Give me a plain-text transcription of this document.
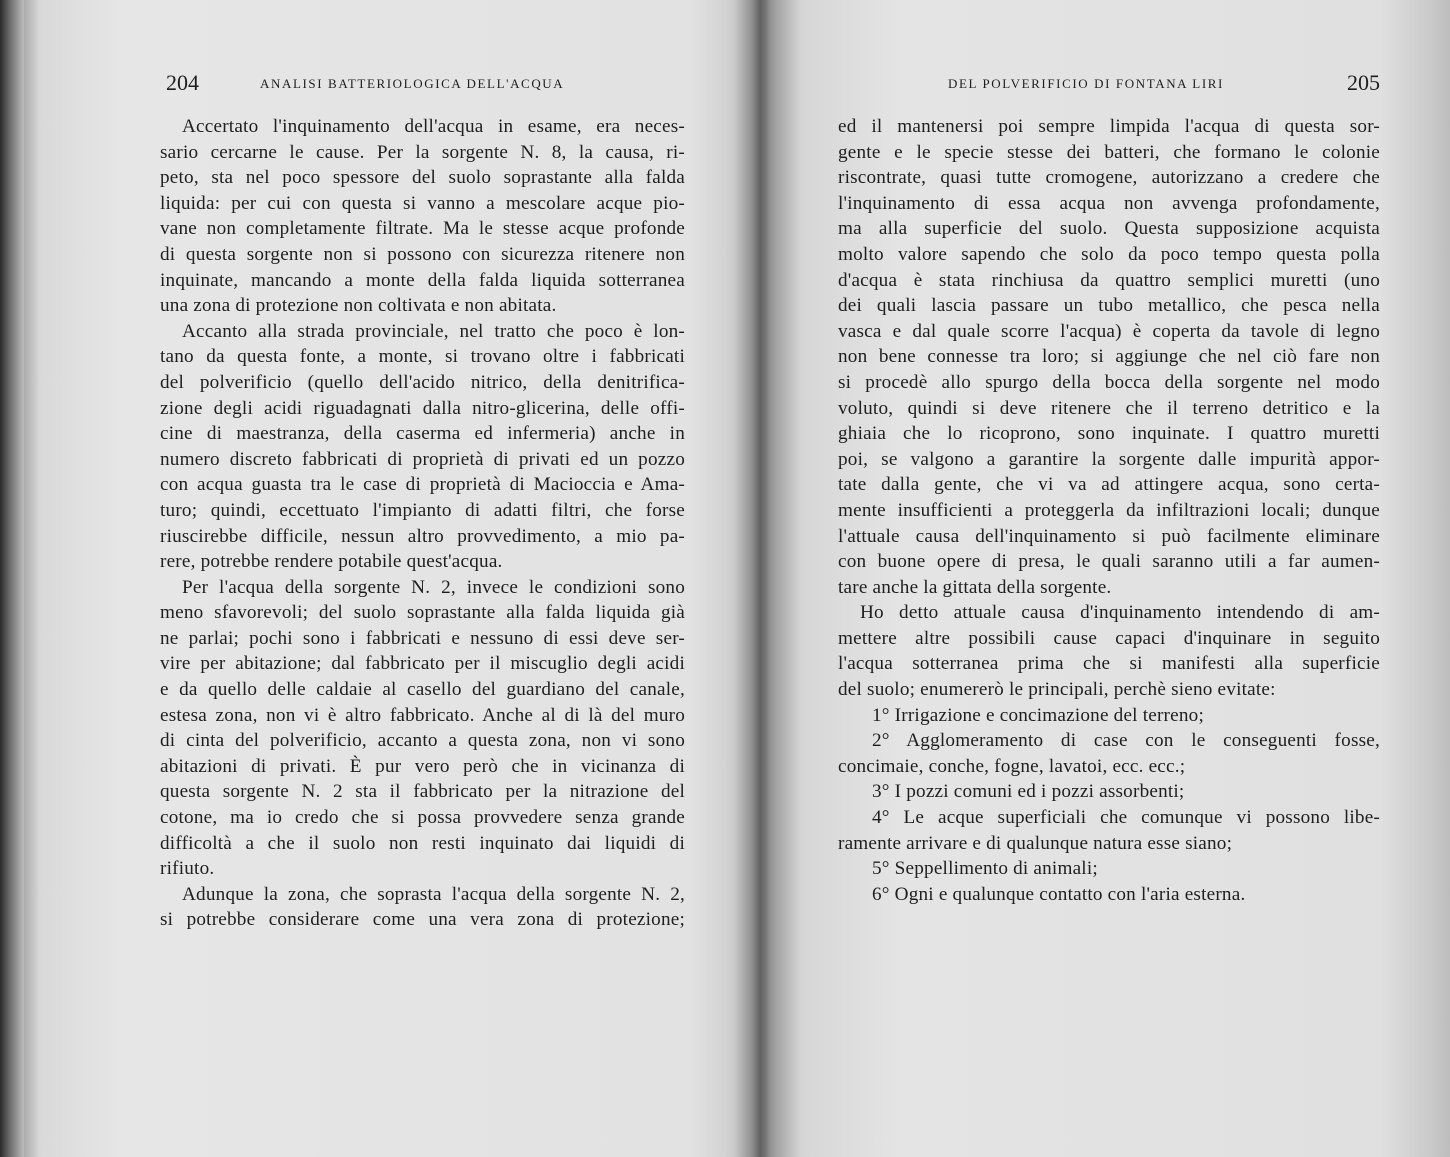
204	ANALISI BATTERIOLOGICA DELL'ACQUA
Accertato l'inquinamento dell'acqua in esame, era neces-
sario cercarne le cause. Per la sorgente N. 8, la causa, ri-
peto, sta nel poco spessore del suolo soprastante alla falda
liquida: per cui con questa si vanno a mescolare acque pio-
vane non completamente filtrate. Ma le stesse acque profonde
di questa sorgente non si possono con sicurezza ritenere non
inquinate, mancando a monte della falda liquida sotterranea
una zona di protezione non coltivata e non abitata.
Accanto alla strada provinciale, nel tratto che poco è lon-
tano da questa fonte, a monte, si trovano oltre i fabbricati
del polverificio (quello dell'acido nitrico, della denitrifica-
zione degli acidi riguadagnati dalla nitro-glicerina, delle offi-
cine di maestranza, della caserma ed infermeria) anche in
numero discreto fabbricati di proprietà di privati ed un pozzo
con acqua guasta tra le case di proprietà di Macioccia e Ama-
turo; quindi, eccettuato l'impianto di adatti filtri, che forse
riuscirebbe difficile, nessun altro provvedimento, a mio pa-
rere, potrebbe rendere potabile quest'acqua.
Per l'acqua della sorgente N. 2, invece le condizioni sono
meno sfavorevoli; del suolo soprastante alla falda liquida già
ne parlai; pochi sono i fabbricati e nessuno di essi deve ser-
vire per abitazione; dal fabbricato per il miscuglio degli acidi
e da quello delle caldaie al casello del guardiano del canale,
estesa zona, non vi è altro fabbricato. Anche al di là del muro
di cinta del polverificio, accanto a questa zona, non vi sono
abitazioni di privati. È pur vero però che in vicinanza di
questa sorgente N. 2 sta il fabbricato per la nitrazione del
cotone, ma io credo che si possa provvedere senza grande
difficoltà a che il suolo non resti inquinato dai liquidi di
rifiuto.
Adunque la zona, che soprasta l'acqua della sorgente N. 2,
si potrebbe considerare come una vera zona di protezione;
DEL POLVERIFICIO DI FONTANA LIRI	205
ed il mantenersi poi sempre limpida l'acqua di questa sor-
gente e le specie stesse dei batteri, che formano le colonie
riscontrate, quasi tutte cromogene, autorizzano a credere che
l'inquinamento di essa acqua non avvenga profondamente,
ma alla superficie del suolo. Questa supposizione acquista
molto valore sapendo che solo da poco tempo questa polla
d'acqua è stata rinchiusa da quattro semplici muretti (uno
dei quali lascia passare un tubo metallico, che pesca nella
vasca e dal quale scorre l'acqua) è coperta da tavole di legno
non bene connesse tra loro; si aggiunge che nel ciò fare non
si procedè allo spurgo della bocca della sorgente nel modo
voluto, quindi si deve ritenere che il terreno detritico e la
ghiaia che lo ricoprono, sono inquinate. I quattro muretti
poi, se valgono a garantire la sorgente dalle impurità appor-
tate dalla gente, che vi va ad attingere acqua, sono certa-
mente insufficienti a proteggerla da infiltrazioni locali; dunque
l'attuale causa dell'inquinamento si può facilmente eliminare
con buone opere di presa, le quali saranno utili a far aumen-
tare anche la gittata della sorgente.
Ho detto attuale causa d'inquinamento intendendo di am-
mettere altre possibili cause capaci d'inquinare in seguito
l'acqua sotterranea prima che si manifesti alla superficie
del suolo; enumererò le principali, perchè sieno evitate:
1° Irrigazione e concimazione del terreno;
2° Agglomeramento di case con le conseguenti fosse,
concimaie, conche, fogne, lavatoi, ecc. ecc.;
3° I pozzi comuni ed i pozzi assorbenti;
4° Le acque superficiali che comunque vi possono libe-
ramente arrivare e di qualunque natura esse siano;
5° Seppellimento di animali;
6° Ogni e qualunque contatto con l'aria esterna.
